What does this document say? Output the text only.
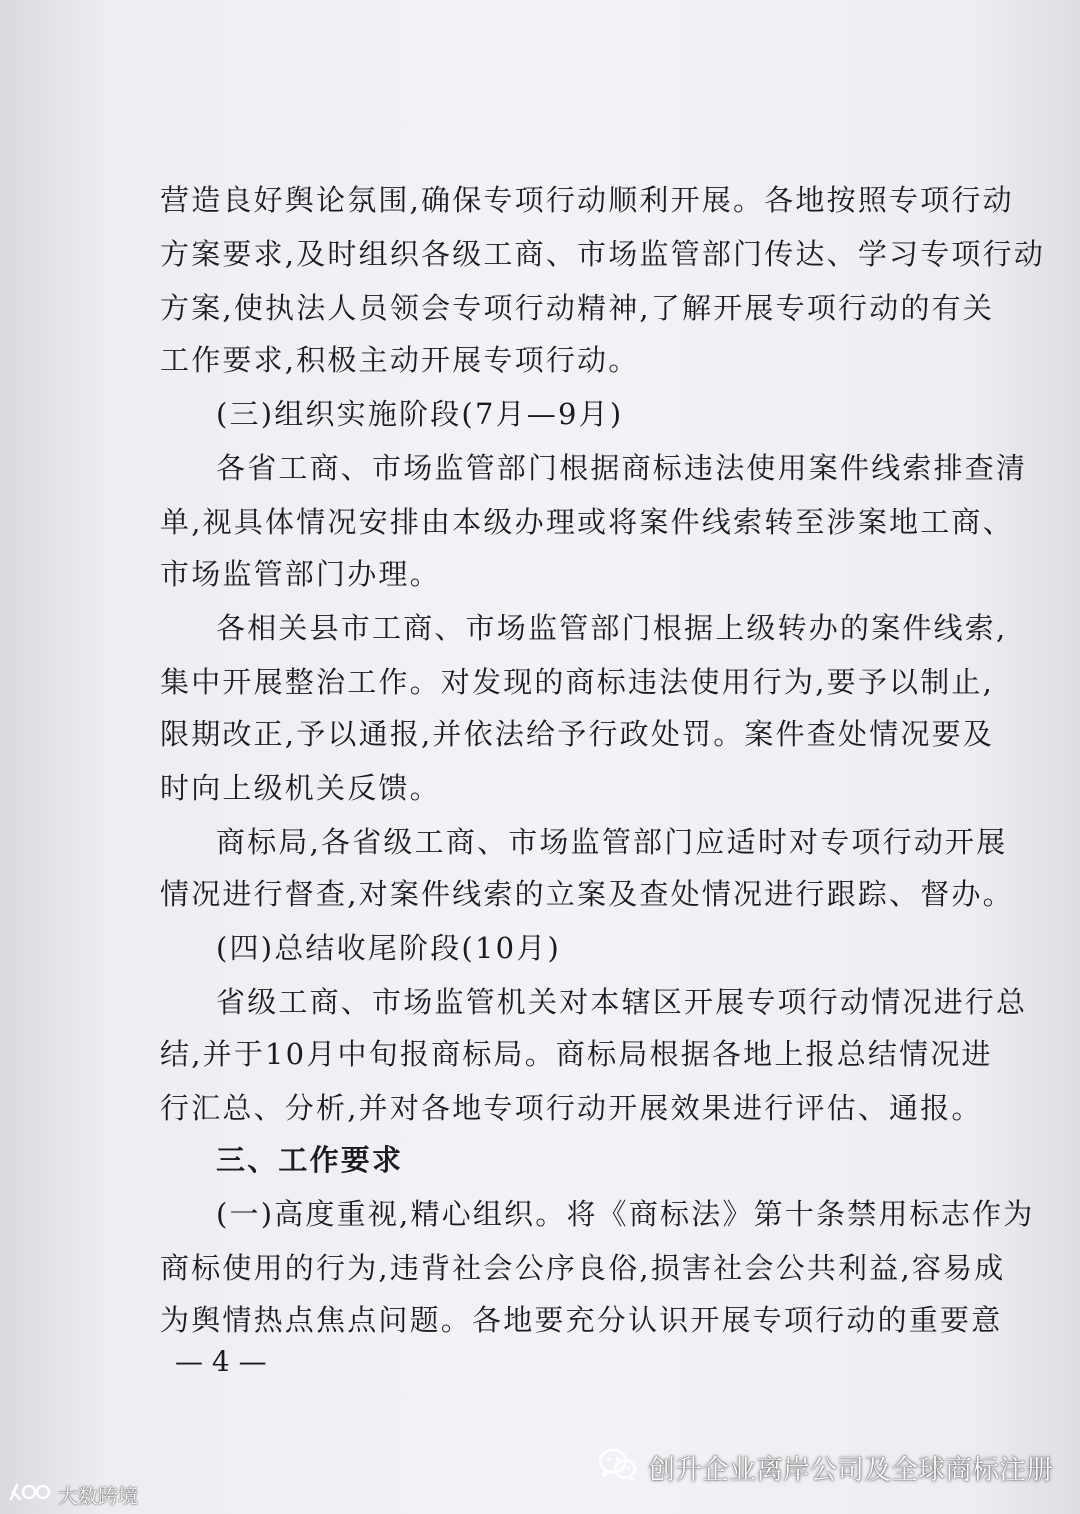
营造良好舆论氛围,确保专项行动顺利开展。各地按照专项行动
方案要求,及时组织各级工商、市场监管部门传达、学习专项行动
方案,使执法人员领会专项行动精神,了解开展专项行动的有关
工作要求,积极主动开展专项行动。
(三)组织实施阶段(7月—9月)
各省工商、市场监管部门根据商标违法使用案件线索排查清
单,视具体情况安排由本级办理或将案件线索转至涉案地工商、
市场监管部门办理。
各相关县市工商、市场监管部门根据上级转办的案件线索,
集中开展整治工作。对发现的商标违法使用行为,要予以制止,
限期改正,予以通报,并依法给予行政处罚。案件查处情况要及
时向上级机关反馈。
商标局,各省级工商、市场监管部门应适时对专项行动开展
情况进行督查,对案件线索的立案及查处情况进行跟踪、督办。
(四)总结收尾阶段(10月)
省级工商、市场监管机关对本辖区开展专项行动情况进行总
结,并于10月中旬报商标局。商标局根据各地上报总结情况进
行汇总、分析,并对各地专项行动开展效果进行评估、通报。
三、工作要求
(一)高度重视,精心组织。将《商标法》第十条禁用标志作为
商标使用的行为,违背社会公序良俗,损害社会公共利益,容易成
为舆情热点焦点问题。各地要充分认识开展专项行动的重要意
— 4 —
创升企业离岸公司及全球商标注册
大数跨境
